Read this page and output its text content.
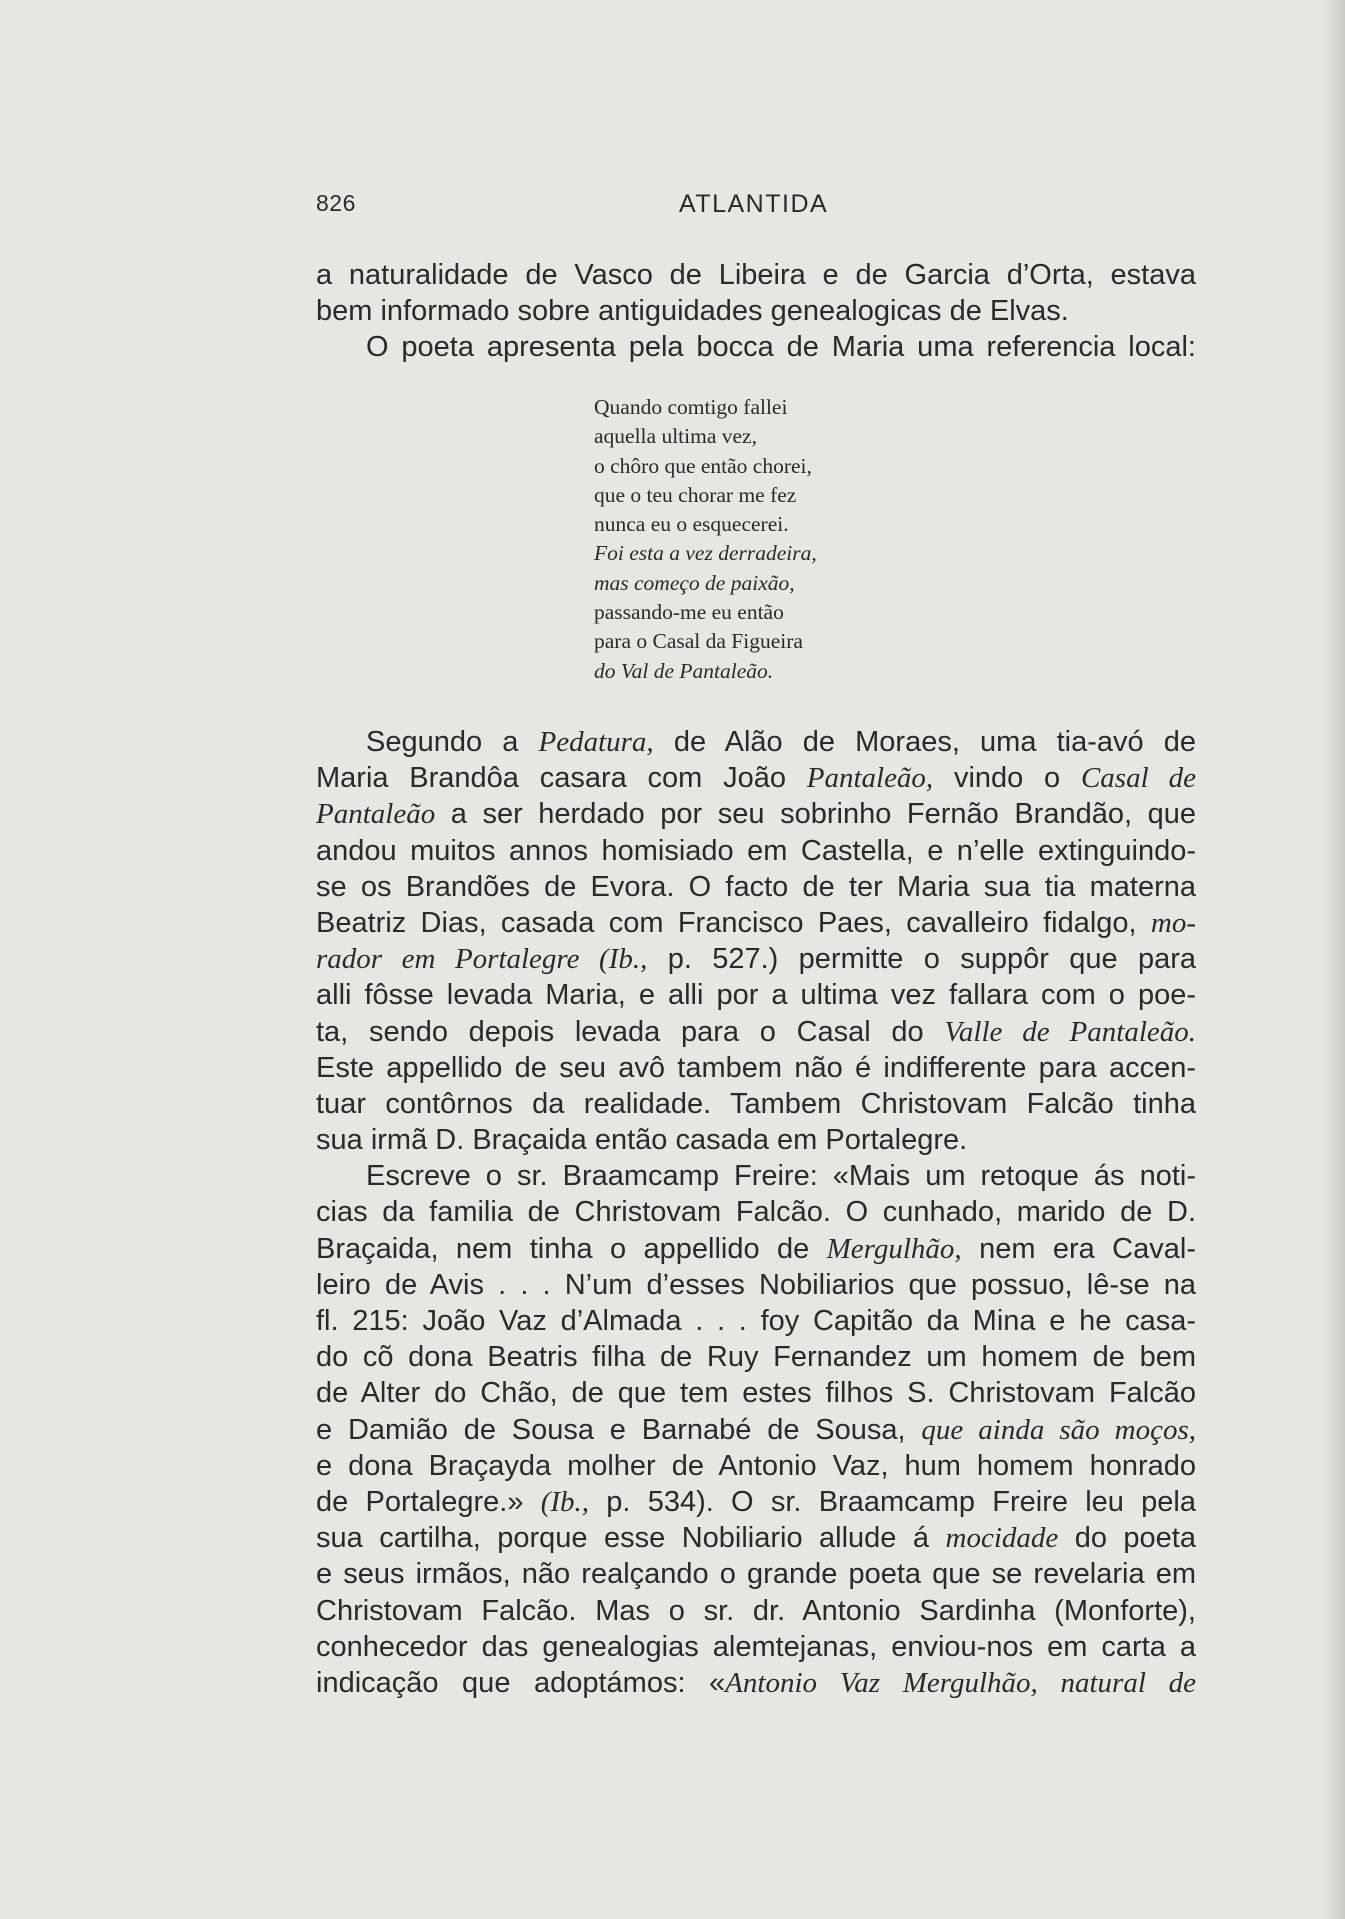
826	ATLANTIDA
a naturalidade de Vasco de Libeira e de Garcia d’Orta, estava
bem informado sobre antiguidades genealogicas de Elvas.
O poeta apresenta pela bocca de Maria uma referencia local:
Quando comtigo fallei
aquella ultima vez,
o chôro que então chorei,
que o teu chorar me fez
nunca eu o esquecerei.
Foi esta a vez derradeira,
mas começo de paixão,
passando-me eu então
para o Casal da Figueira
do Val de Pantaleão.
Segundo a Pedatura, de Alão de Moraes, uma tia-avó de
Maria Brandôa casara com João Pantaleão, vindo o Casal de
Pantaleão a ser herdado por seu sobrinho Fernão Brandão, que
andou muitos annos homisiado em Castella, e n’elle extinguindo-
se os Brandões de Evora. O facto de ter Maria sua tia materna
Beatriz Dias, casada com Francisco Paes, cavalleiro fidalgo, mo-
rador em Portalegre (Ib., p. 527.) permitte o suppôr que para
alli fôsse levada Maria, e alli por a ultima vez fallara com o poe-
ta, sendo depois levada para o Casal do Valle de Pantaleão.
Este appellido de seu avô tambem não é indifferente para accen-
tuar contôrnos da realidade. Tambem Christovam Falcão tinha
sua irmã D. Braçaida então casada em Portalegre.
Escreve o sr. Braamcamp Freire: «Mais um retoque ás noti-
cias da familia de Christovam Falcão. O cunhado, marido de D.
Braçaida, nem tinha o appellido de Mergulhão, nem era Caval-
leiro de Avis . . . N’um d’esses Nobiliarios que possuo, lê-se na
fl. 215: João Vaz d’Almada . . . foy Capitão da Mina e he casa-
do cõ dona Beatris filha de Ruy Fernandez um homem de bem
de Alter do Chão, de que tem estes filhos S. Christovam Falcão
e Damião de Sousa e Barnabé de Sousa, que ainda são moços,
e dona Braçayda molher de Antonio Vaz, hum homem honrado
de Portalegre.» (Ib., p. 534). O sr. Braamcamp Freire leu pela
sua cartilha, porque esse Nobiliario allude á mocidade do poeta
e seus irmãos, não realçando o grande poeta que se revelaria em
Christovam Falcão. Mas o sr. dr. Antonio Sardinha (Monforte),
conhecedor das genealogias alemtejanas, enviou-nos em carta a
indicação que adoptámos: «Antonio Vaz Mergulhão, natural de
